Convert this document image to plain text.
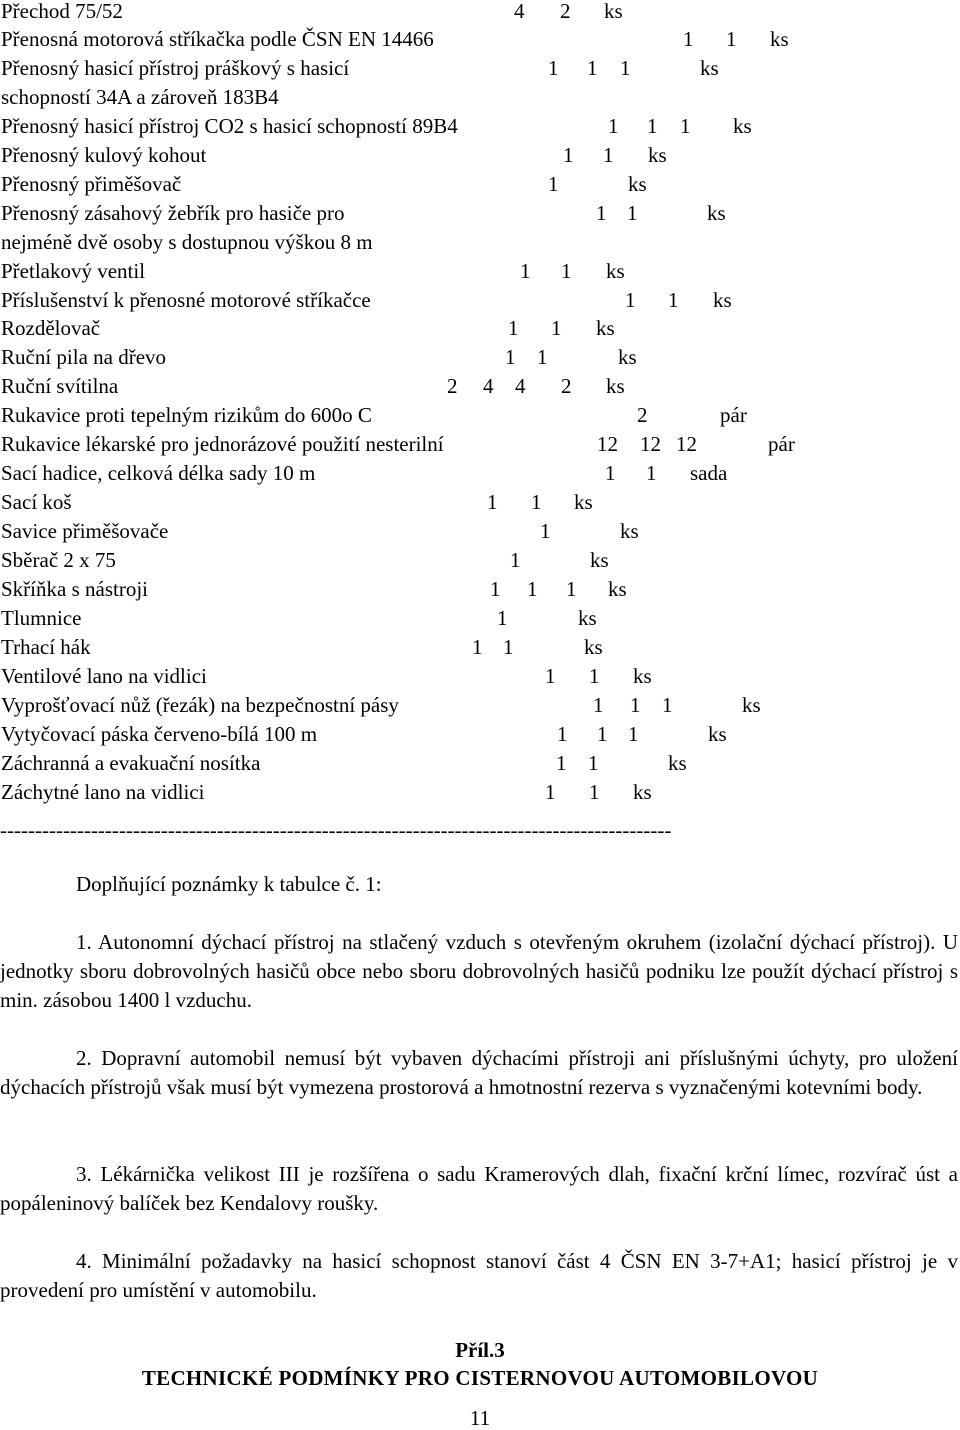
Přechod 75/52	4 2 ks
Přenosná motorová stříkačka podle ČSN EN 14466	1 1 ks
Přenosný hasicí přístroj práškový s hasicí	1 1 1	ks
schopností 34A a zároveň 183B4
Přenosný hasicí přístroj CO2 s hasicí schopností 89B4	1 1 1 ks
Přenosný kulový kohout	1 1 ks
Přenosný přiměšovač	1	ks
Přenosný zásahový žebřík pro hasiče pro	1 1	ks
nejméně dvě osoby s dostupnou výškou 8 m
Přetlakový ventil	1 1 ks
Příslušenství k přenosné motorové stříkačce	1 1 ks
Rozdělovač	1 1 ks
Ruční pila na dřevo	1 1	ks
Ruční svítilna	2 4 4 2 ks
Rukavice proti tepelným rizikům do 600o C	2	pár
Rukavice lékarské pro jednorázové použití nesterilní	12 12 12	pár
Sací hadice, celková délka sady 10 m	1 1 sada
Sací koš	1 1 ks
Savice přiměšovače	1	ks
Sběrač 2 x 75	1	ks
Skříňka s nástroji	1 1 1 ks
Tlumnice	1	ks
Trhací hák	1 1	ks
Ventilové lano na vidlici	1 1 ks
Vyprošťovací nůž (řezák) na bezpečnostní pásy	1 1 1	ks
Vytyčovací páska červeno-bílá 100 m	1 1 1	ks
Záchranná a evakuační nosítka	1 1	ks
Záchytné lano na vidlici	1 1 ks
------------------------------------------------------------------------------------------------
Doplňující poznámky k tabulce č. 1:
1. Autonomní dýchací přístroj na stlačený vzduch s otevřeným okruhem (izolační dýchací přístroj). U jednotky sboru dobrovolných hasičů obce nebo sboru dobrovolných hasičů podniku lze použít dýchací přístroj s min. zásobou 1400 l vzduchu.
2. Dopravní automobil nemusí být vybaven dýchacími přístroji ani příslušnými úchyty, pro uložení dýchacích přístrojů však musí být vymezena prostorová a hmotnostní rezerva s vyznačenými kotevními body.
3. Lékárnička velikost III je rozšířena o sadu Kramerových dlah, fixační krční límec, rozvírač úst a popáleninový balíček bez Kendalovy roušky.
4. Minimální požadavky na hasicí schopnost stanoví část 4 ČSN EN 3-7+A1; hasicí přístroj je v provedení pro umístění v automobilu.
Příl.3
TECHNICKÉ PODMÍNKY PRO CISTERNOVOU AUTOMOBILOVOU
11
